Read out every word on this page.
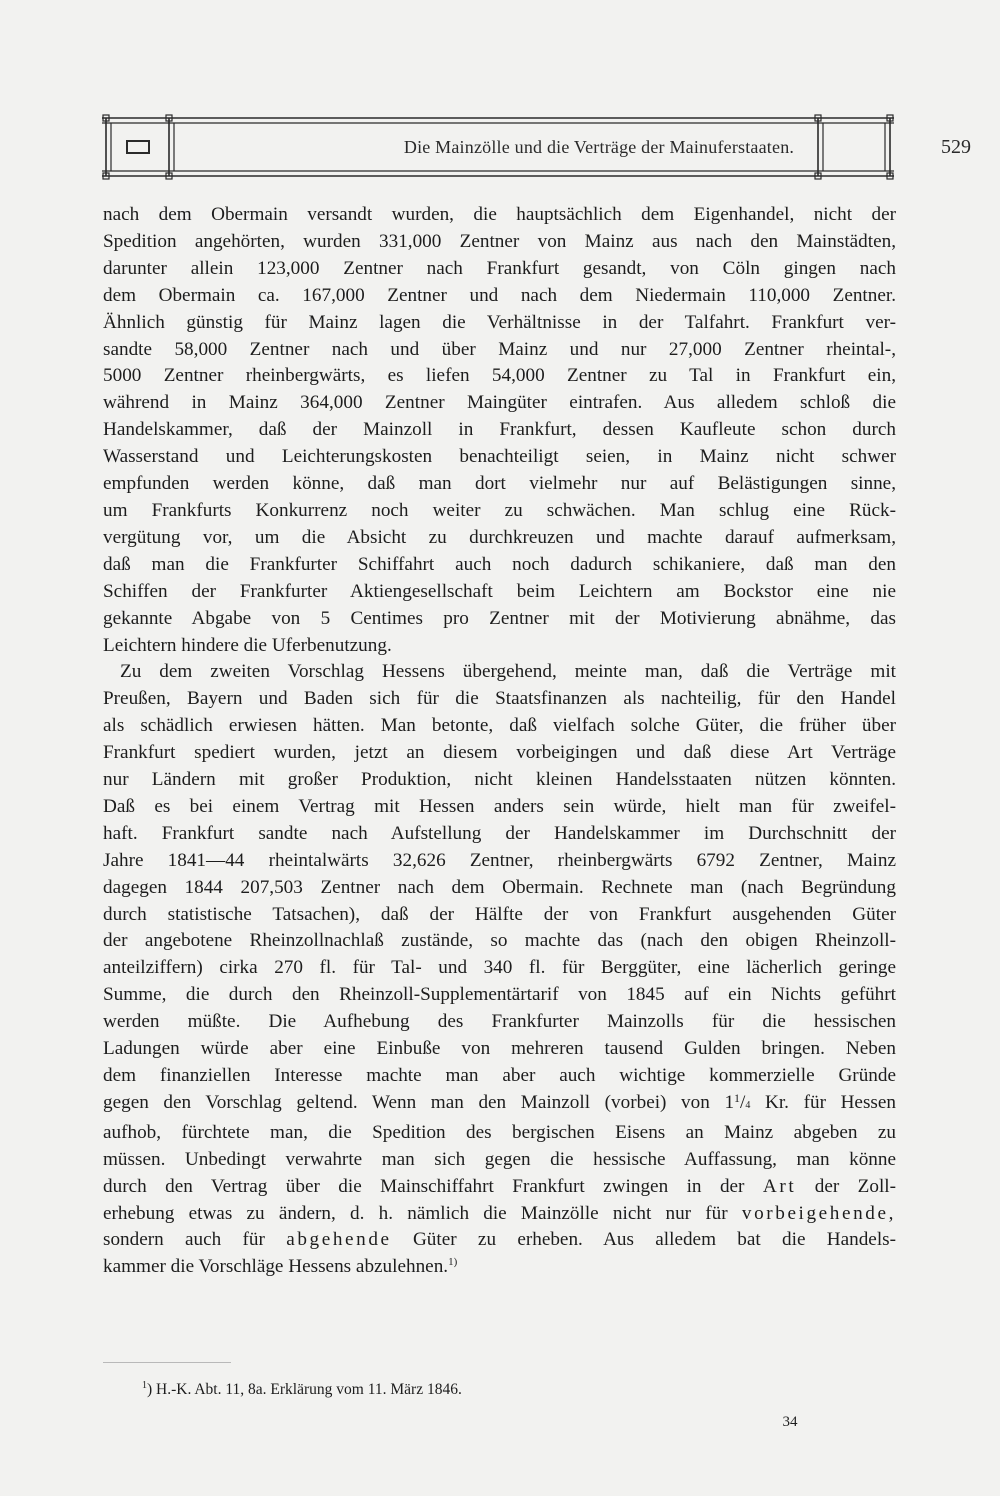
Die Mainzölle und die Verträge der Mainuferstaaten.	529
nach dem Obermain versandt wurden, die hauptsächlich dem Eigenhandel, nicht der
Spedition angehörten, wurden 331,000 Zentner von Mainz aus nach den Mainstädten,
darunter allein 123,000 Zentner nach Frankfurt gesandt, von Cöln gingen nach
dem Obermain ca. 167,000 Zentner und nach dem Niedermain 110,000 Zentner.
Ähnlich günstig für Mainz lagen die Verhältnisse in der Talfahrt. Frankfurt ver-
sandte 58,000 Zentner nach und über Mainz und nur 27,000 Zentner rheintal-,
5000 Zentner rheinbergwärts, es liefen 54,000 Zentner zu Tal in Frankfurt ein,
während in Mainz 364,000 Zentner Maingüter eintrafen. Aus alledem schloß die
Handelskammer, daß der Mainzoll in Frankfurt, dessen Kaufleute schon durch
Wasserstand und Leichterungskosten benachteiligt seien, in Mainz nicht schwer
empfunden werden könne, daß man dort vielmehr nur auf Belästigungen sinne,
um Frankfurts Konkurrenz noch weiter zu schwächen. Man schlug eine Rück-
vergütung vor, um die Absicht zu durchkreuzen und machte darauf aufmerksam,
daß man die Frankfurter Schiffahrt auch noch dadurch schikaniere, daß man den
Schiffen der Frankfurter Aktiengesellschaft beim Leichtern am Bockstor eine nie
gekannte Abgabe von 5 Centimes pro Zentner mit der Motivierung abnähme, das
Leichtern hindere die Uferbenutzung.
Zu dem zweiten Vorschlag Hessens übergehend, meinte man, daß die Verträge mit
Preußen, Bayern und Baden sich für die Staatsfinanzen als nachteilig, für den Handel
als schädlich erwiesen hätten. Man betonte, daß vielfach solche Güter, die früher über
Frankfurt spediert wurden, jetzt an diesem vorbeigingen und daß diese Art Verträge
nur Ländern mit großer Produktion, nicht kleinen Handelsstaaten nützen könnten.
Daß es bei einem Vertrag mit Hessen anders sein würde, hielt man für zweifel-
haft. Frankfurt sandte nach Aufstellung der Handelskammer im Durchschnitt der
Jahre 1841—44 rheintalwärts 32,626 Zentner, rheinbergwärts 6792 Zentner, Mainz
dagegen 1844 207,503 Zentner nach dem Obermain. Rechnete man (nach Begründung
durch statistische Tatsachen), daß der Hälfte der von Frankfurt ausgehenden Güter
der angebotene Rheinzollnachlaß zustände, so machte das (nach den obigen Rheinzoll-
anteilziffern) cirka 270 fl. für Tal- und 340 fl. für Berggüter, eine lächerlich geringe
Summe, die durch den Rheinzoll-Supplementärtarif von 1845 auf ein Nichts geführt
werden müßte. Die Aufhebung des Frankfurter Mainzolls für die hessischen
Ladungen würde aber eine Einbuße von mehreren tausend Gulden bringen. Neben
dem finanziellen Interesse machte man aber auch wichtige kommerzielle Gründe
gegen den Vorschlag geltend. Wenn man den Mainzoll (vorbei) von $1^1/4$ Kr. für Hessen
aufhob, fürchtete man, die Spedition des bergischen Eisens an Mainz abgeben zu
müssen. Unbedingt verwahrte man sich gegen die hessische Auffassung, man könne
durch den Vertrag über die Mainschiffahrt Frankfurt zwingen in der Art der Zoll-
erhebung etwas zu ändern, d. h. nämlich die Mainzölle nicht nur für vorbeigehende,
sondern auch für abgehende Güter zu erheben. Aus alledem bat die Handels-
kammer die Vorschläge Hessens abzulehnen.$^{1)}$
$^1$) H.-K. Abt. 11, 8a. Erklärung vom 11. März 1846.
34
